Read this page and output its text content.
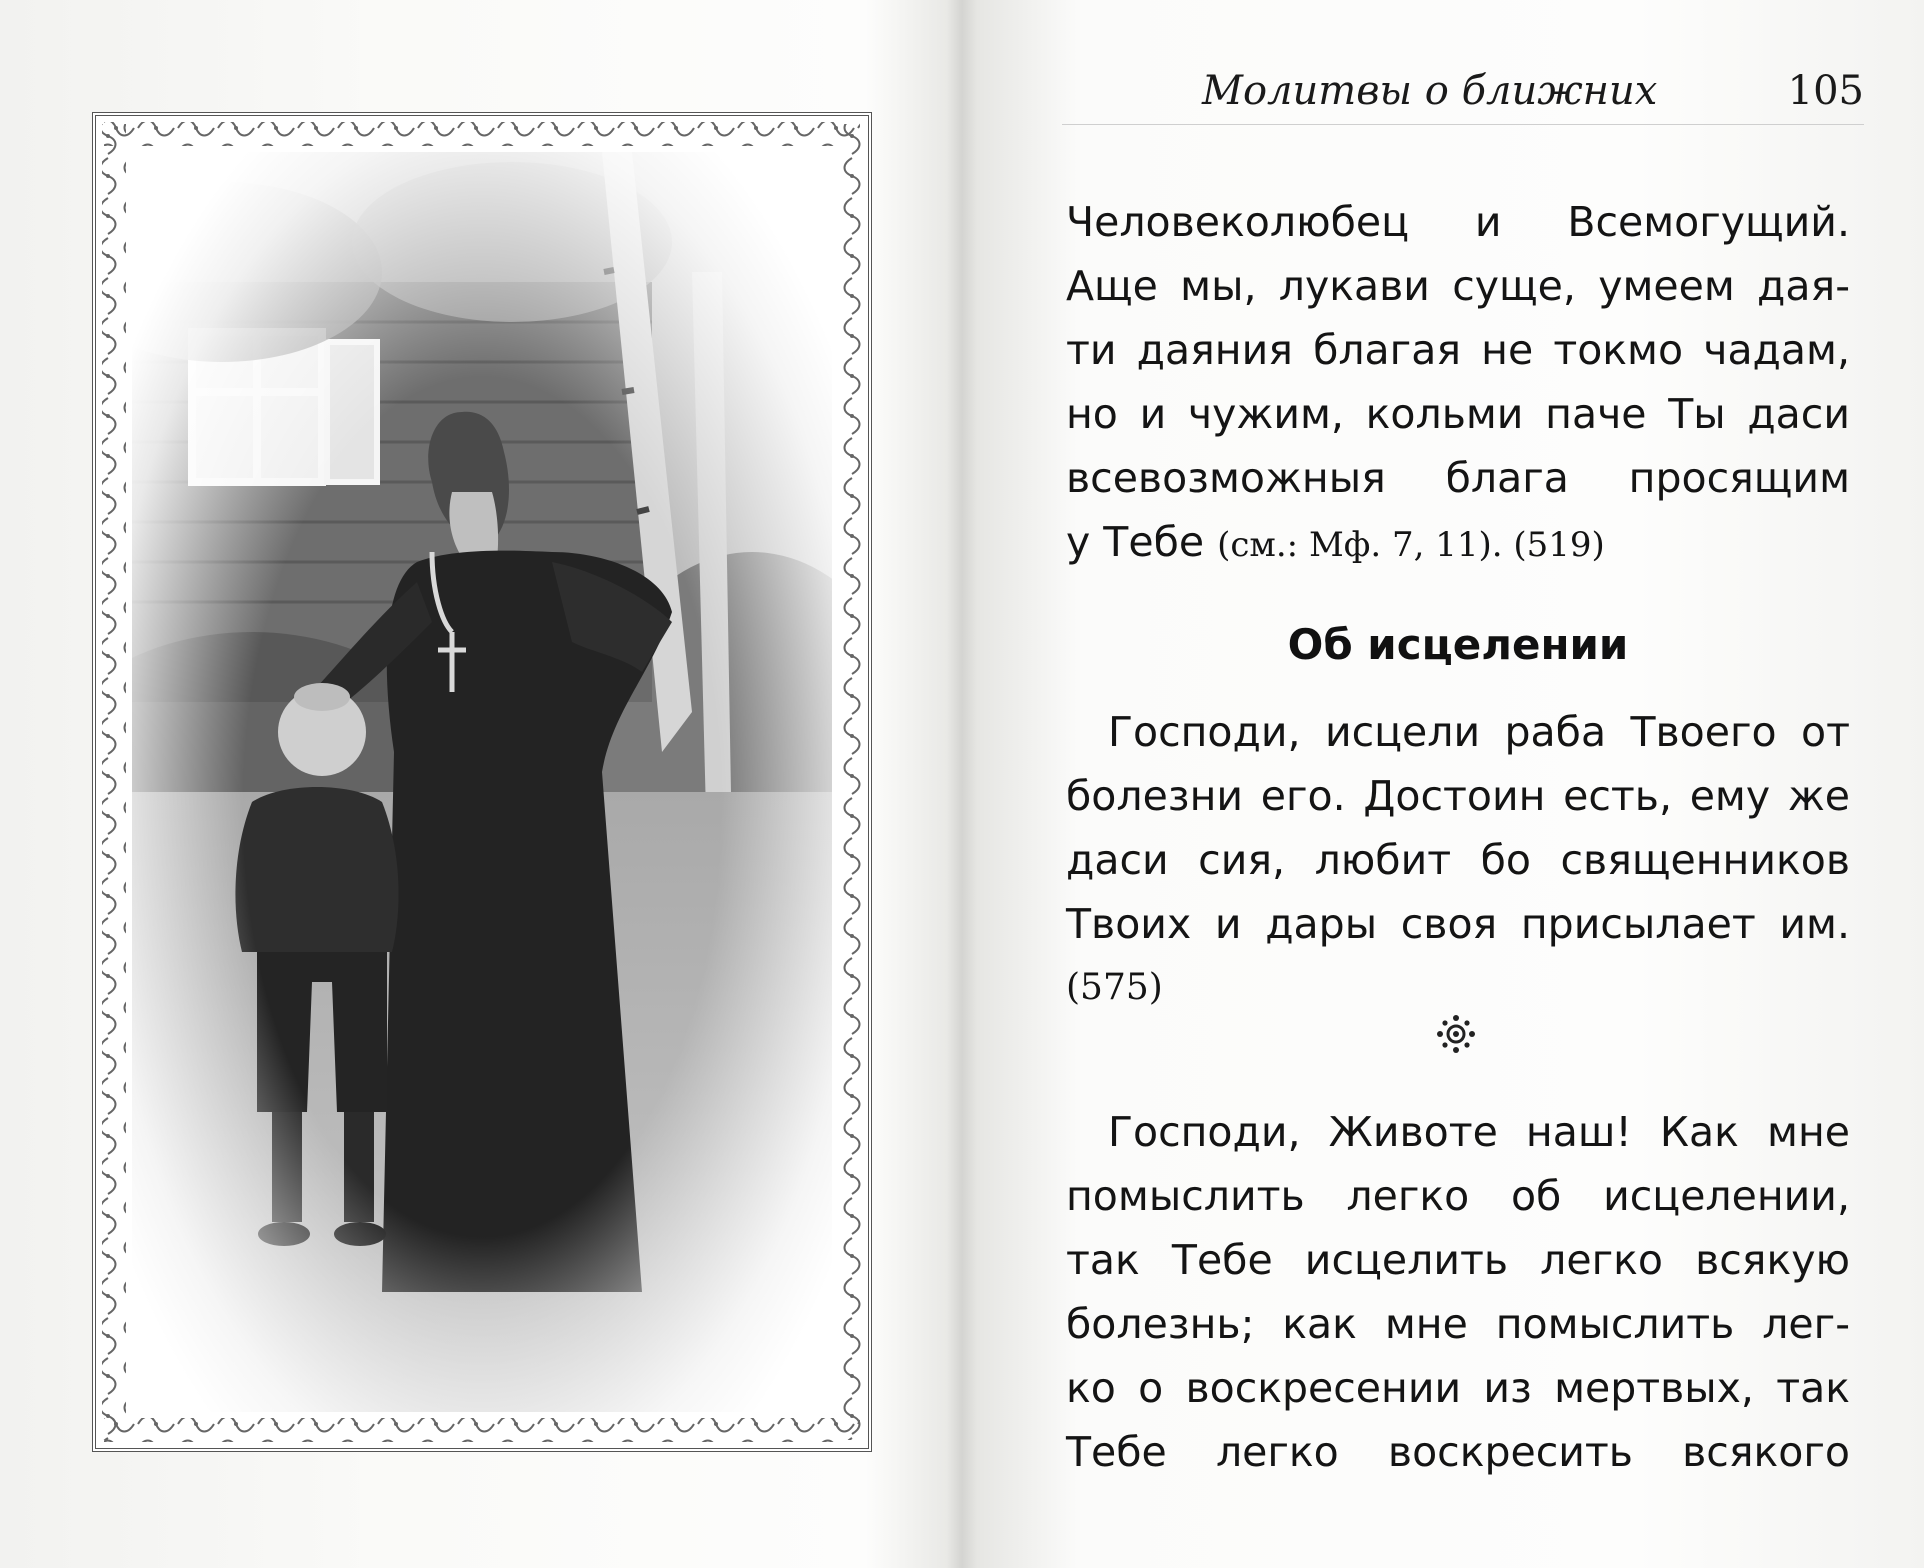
Молитвы о ближних	105
Человеколюбец и Всемогущий.
Аще мы, лукави суще, умеем дая-
ти даяния благая не токмо чадам,
но и чужим, кольми паче Ты даси
всевозможныя блага просящим
у Тебе (см.: Мф. 7, 11). (519)
Об исцелении
Господи, исцели раба Твоего от
болезни его. Достоин есть, ему же
даси сия, любит бо священников
Твоих и дары своя присылает им.
(575)
Господи, Животе наш! Как мне
помыслить легко об исцелении,
так Тебе исцелить легко всякую
болезнь; как мне помыслить лег-
ко о воскресении из мертвых, так
Тебе легко воскресить всякого
